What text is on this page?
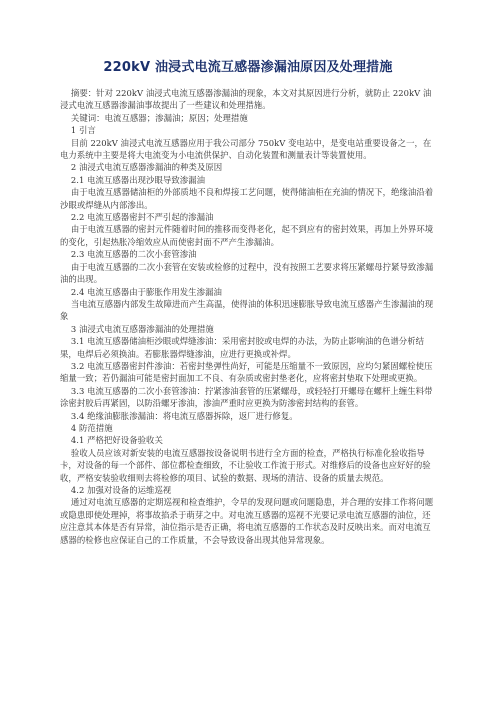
220kV 油浸式电流互感器渗漏油原因及处理措施

摘要：针对 220kV 油浸式电流互感器渗漏油的现象，本文对其原因进行分析，就防止 220kV 油浸式电流互感器渗漏油事故提出了一些建议和处理措施。

关键词：电流互感器；渗漏油；原因；处理措施

1 引言

目前 220kV 油浸式电流互感器应用于我公司部分 750kV 变电站中，是变电站重要设备之一，在电力系统中主要是将大电流变为小电流供保护、自动化装置和测量表计等装置使用。

2 油浸式电流互感器渗漏油的种类及原因

2.1 电流互感器出现沙眼导致渗漏油

由于电流互感器储油柜的外部质地不良和焊接工艺问题，使得储油柜在充油的情况下，绝缘油沿着沙眼或焊缝从内部渗出。

2.2 电流互感器密封不严引起的渗漏油

由于电流互感器的密封元件随着时间的推移而变得老化，起不到应有的密封效果，再加上外界环境的变化，引起热胀冷缩效应从而使密封面不严产生渗漏油。

2.3 电流互感器的二次小套管渗油

由于电流互感器的二次小套管在安装或检修的过程中，没有按照工艺要求将压紧螺母拧紧导致渗漏油的出现。

2.4 电流互感器由于膨胀作用发生渗漏油

当电流互感器内部发生故障进而产生高温，使得油的体积迅速膨胀导致电流互感器产生渗漏油的现象

3 油浸式电流互感器渗漏油的处理措施

3.1 电流互感器储油柜沙眼或焊缝渗油：采用密封胶或电焊的办法，为防止影响油的色谱分析结果，电焊后必须换油。若膨胀器焊缝渗油，应进行更换或补焊。

3.2 电流互感器密封件渗油：若密封垫弹性尚好，可能是压缩量不一致原因，应均匀紧固螺栓使压缩量一致；若仍漏油可能是密封面加工不良、有杂质或密封垫老化，应将密封垫取下处理或更换。

3.3 电流互感器的二次小套管渗油：拧紧渗油套管的压紧螺母，或轻轻打开螺母在螺杆上缠生料带涂密封胶后再紧固，以防沿螺牙渗油，渗油严重时应更换为防渗密封结构的套管。

3.4 绝缘油膨胀渗漏油：将电流互感器拆除，返厂进行修复。

4 防范措施

4.1 严格把好设备验收关

验收人员应该对新安装的电流互感器按设备说明书进行全方面的检查，严格执行标准化验收指导卡，对设备的每一个部件、部位都检查细致，不让验收工作流于形式。对维修后的设备也应好好的验收，严格安装验收细则去将检修的项目、试验的数据、现场的清洁、设备的质量去规范。

4.2 加强对设备的运维巡视

通过对电流互感器的定期巡视和检查维护，令早的发现问题或问题隐患，并合理的安排工作将问题或隐患即使处理掉，将事故掐杀于萌芽之中。对电流互感器的巡视不光要记录电流互感器的油位，还应注意其本体是否有异常，油位指示是否正确，将电流互感器的工作状态及时反映出来。而对电流互感器的检修也应保证自己的工作质量，不会导致设备出现其他异常现象。
